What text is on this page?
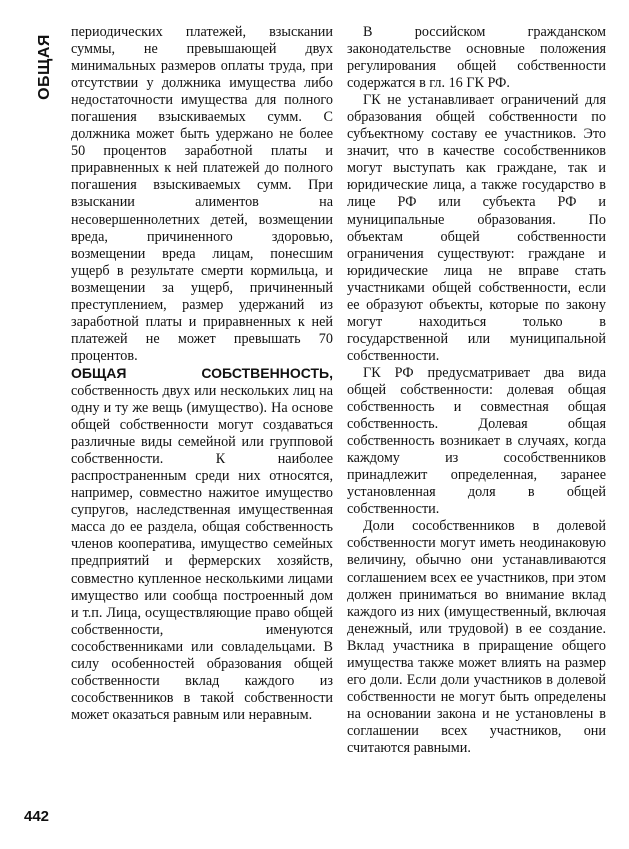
ОБЩАЯ

периодических платежей, взыскании суммы, не превышающей двух минимальных размеров оплаты труда, при отсутствии у должника имущества либо недостаточности имущества для полного погашения взыскиваемых сумм. С должника может быть удержано не более 50 процентов заработной платы и приравненных к ней платежей до полного погашения взыскиваемых сумм. При взыскании алиментов на несовершеннолетних детей, возмещении вреда, причиненного здоровью, возмещении вреда лицам, понесшим ущерб в результате смерти кормильца, и возмещении за ущерб, причиненный преступлением, размер удержаний из заработной платы и приравненных к ней платежей не может превышать 70 процентов.

ОБЩАЯ СОБСТВЕННОСТЬ, собственность двух или нескольких лиц на одну и ту же вещь (имущество). На основе общей собственности могут создаваться различные виды семейной или групповой собственности. К наиболее распространенным среди них относятся, например, совместно нажитое имущество супругов, наследственная имущественная масса до ее раздела, общая собственность членов кооператива, имущество семейных предприятий и фермерских хозяйств, совместно купленное несколькими лицами имущество или сообща построенный дом и т.п. Лица, осуществляющие право общей собственности, именуются сособственниками или совладельцами. В силу особенностей образования общей собственности вклад каждого из сособственников в такой собственности может оказаться равным или неравным.

В российском гражданском законодательстве основные положения регулирования общей собственности содержатся в гл. 16 ГК РФ.

ГК не устанавливает ограничений для образования общей собственности по субъектному составу ее участников. Это значит, что в качестве сособственников могут выступать как граждане, так и юридические лица, а также государство в лице РФ или субъекта РФ и муниципальные образования. По объектам общей собственности ограничения существуют: граждане и юридические лица не вправе стать участниками общей собственности, если ее образуют объекты, которые по закону могут находиться только в государственной или муниципальной собственности.

ГК РФ предусматривает два вида общей собственности: долевая общая собственность и совместная общая собственность. Долевая общая собственность возникает в случаях, когда каждому из сособственников принадлежит определенная, заранее установленная доля в общей собственности.

Доли сособственников в долевой собственности могут иметь неодинаковую величину, обычно они устанавливаются соглашением всех ее участников, при этом должен приниматься во внимание вклад каждого из них (имущественный, включая денежный, или трудовой) в ее создание. Вклад участника в приращение общего имущества также может влиять на размер его доли. Если доли участников в долевой собственности не могут быть определены на основании закона и не установлены в соглашении всех участников, они считаются равными.

442
